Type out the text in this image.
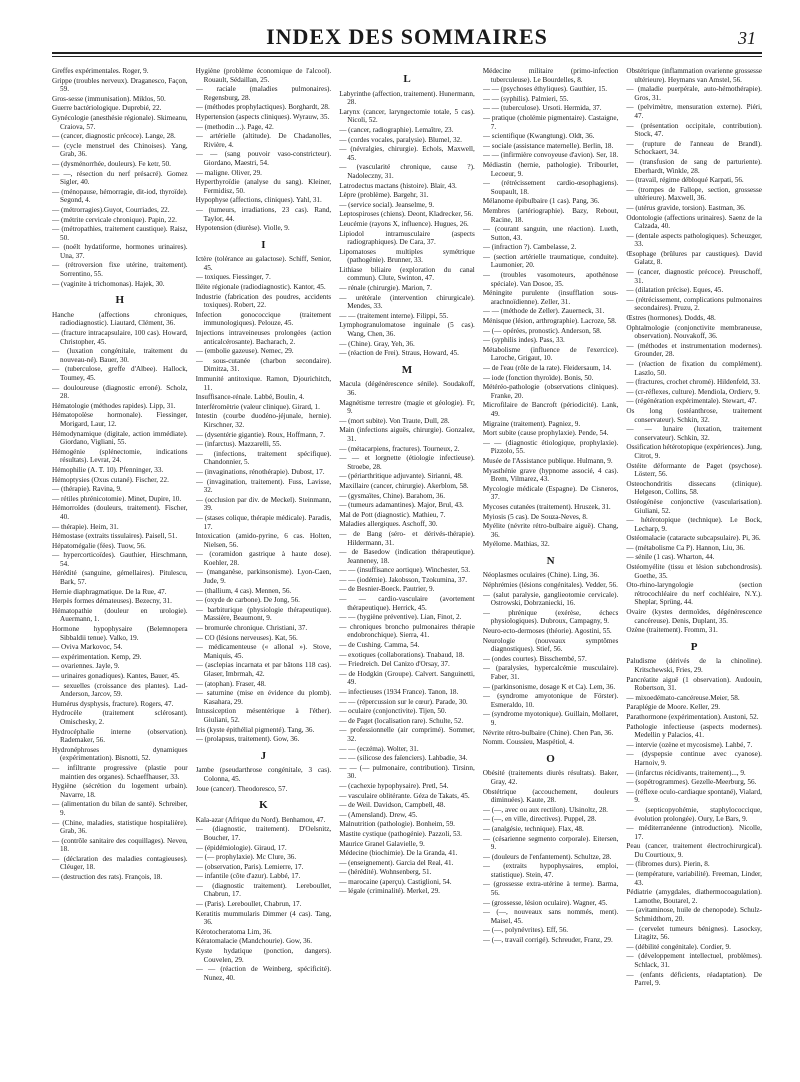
INDEX DES SOMMAIRES	31

Greffes expérimentales. Roger, 9.

Grippe (troubles nerveux). Draganesco, Façon, 59.

Gros-sesse (immunisation). Miklos, 50.

Guerre bactériologique. Duprebié, 22.

Gynécologie (anesthésie régionale). Skimeanu, Craiova, 57.

— (cancer, diagnostic précoce). Lange, 28.

— (cycle menstruel des Chinoises). Yang, Grab, 36.

— (dysménorrhée, douleurs). Fe ketr, 50.

— —, résection du nerf présacré). Gomez Sigler, 40.

— (ménopause, hémorragie, dit-iod, thyroïde). Segond, 4.

— (métrorragies).Guyot, Courriades, 22.

— (métrite cervicale chronique). Papin, 22.

— (métropathies, traitement caustique). Raisz, 50.

— (noélt hydatiforme, hormones urinaires). Una, 37.

— (rétroversion fixe utérine, traitement). Sorrentino, 55.

— (vaginite à trichomonas). Hajek, 30.

H

Hanche (affections chroniques, radiodiagnostic). Liautard, Clément, 36.

— (fracture intracapsulaire, 100 cas). Howard, Christopher, 45.

— (luxation congénitale, traitement du nouveau-né). Bauer, 30.

— (tuberculose, greffe d'Albee). Hallock, Toumey, 45.

— douloureuse (diagnostic erroné). Scholz, 28.

Hématologie (méthodes rapides). Lipp, 31.

Hématopoïèse hormonale). Fiessinger, Morigard, Laur, 12.

Hémodynamique (digitale, action immédiate). Giordano, Vigliani, 55.

Hémogénie (splénectomie, indications résultats). Levrat, 24.

Hémophilie (A. T. 10). Pfenninger, 33.

Hémoptysies (Oxus cutané). Fischer, 22.

— (thérapie). Ravina, 9.

— rétiles phrénicotomie). Minet, Dupire, 10.

Hémorroïdes (douleurs, traitement). Fischer, 40.

— thérapie). Heim, 31.

Hémostase (extraits tissulaires). Paisell, 51.

Hépatomégalie (fées). Tuow, 56.

— hypercorticoïdes). Gauthier, Hirschmann, 54.

Hérédité (sanguine, gémellaires). Pitulescu, Bark, 57.

Hernie diaphragmatique. De la Rue, 47.

Herpès formes démateuses). Bezecny, 31.

Hématopathie (douleur en urologie). Auermann, 1.

Hormone hypophysaire (Belemnopera Sibbaldii tenue). Valko, 19.

— Oviva Markovoc, 54.

— expérimentation. Kemp, 29.

— ovariennes. Jayle, 9.

— urinaires gonadiques). Kantes, Bauer, 45.

— sexuelles (croissance des plantes). Lad-Anderson, Jarcov, 59.

Humérus dysphysis, fracture). Rogers, 47.

Hydrocèle (traitement sclérosant). Omischesky, 2.

Hydrocéphalie interne (observation). Rademaker, 56.

Hydronéphroses dynamiques (expérimentation). Bisnotti, 52.

— infiltrante progressive (plastie pour maintien des organes). Schaeffhauser, 33.

Hygiène (sécrétion du logement urbain). Navarre, 18.

— (alimentation du bilan de santé). Schreiber, 9.

— (Chine, maladies, statistique hospitalière). Grab, 36.

— (contrôle sanitaire des coquillages). Neveu, 18.

— (déclaration des maladies contagieuses). Cléuger, 18.

— (destruction des rats). François, 18.

Hygiène (problème économique de l'alcool). Rouault, Sédaillan, 25.

— raciale (maladies pulmonaires). Regensburg, 28.

— (méthodes prophylactiques). Borghardt, 28.

Hypertension (aspects cliniques). Wyrauw, 35.

— (methodin ...). Page, 42.

— artérielle (altitude). De Chadanolles, Rivière, 4.

— — (sang pouvoir vaso-constricteur). Giordano, Maestri, 54.

— maligne. Oliver, 29.

Hyperthyroïdie (analyse du sang). Kleiner, Fermidisz, 50.

Hypophyse (affections, cliniques). Yahl, 31.

— (tumeurs, irradiations, 23 cas). Rand, Taylor, 44.

Hypotension (diurèse). Violle, 9.

I

Ictère (tolérance au galactose). Schiff, Senior, 45.

— toxiques. Fiessinger, 7.

Iléite régionale (radiodiagnostic). Kantor, 45.

Industrie (fabrication des poudres, accidents toxiques). Robert, 22.

Infection gonococcique (traitement immunologiques). Pelouze, 45.

Injections intraveineuses prolongées (action anticalcérosante). Bacharach, 2.

— (embolie gazeuse). Nemec, 29.

— sous-cutanée (charbon secondaire). Dimitza, 31.

Immunité antitoxique. Ramon, Djourichitch, 11.

Insuffisance-rénale. Labbé, Boulin, 4.

Interféromètrie (valeur clinique). Girard, 1.

Intestin (courbe duodéno-jéjunale, hernie). Kirschner, 32.

— (dysentérie gigantie). Roux, Hoffmann, 7.

— (infarctus). Mazzarelli, 55.

— (infections, traitement spécifique). Chandonnier, 5.

— (invaginations, rénothérapie). Dubost, 17.

— (invagination, traitement). Fuss, Lavisse, 32.

— (occlusion par div. de Meckel). Steinmann, 39.

— (stases colique, thérapie médicale). Paradis, 17.

Intoxication (amido-pyrine, 6 cas. Holten, Nielsen, 56.

— (coramidon gastrique à haute dose). Koehler, 28.

— (manganèse, parkinsonisme). Lyon-Caen, Jude, 9.

— (thallium, 4 cas). Mennen, 56.

— (oxyde de carbone). De Jong, 56.

— barbiturique (physiologie thérapeutique). Massière, Beaumont, 9.

— bromurée chronique. Christiani, 37.

— CO (lésions nerveuses). Kat, 56.

— médicamenteuse (« allonal »). Stove, Maniquis, 45.

— (asclepias incarnata et par bâtons 118 cas). Glaser, Imbrmah, 42.

— (atophan). Fraser, 48.

— saturnine (mise en évidence du plomb). Kasahara, 29.

Intussiception mésentérique à l'éther). Giuliani, 52.

Iris (kyste épithélial pigmenté). Tang, 36.

— (prolapsus, traitement). Gow, 36.

J

Jambe (pseudarthrose congénitale, 3 cas). Colonna, 45.

Joue (cancer). Theodoresco, 57.

K

Kala-azar (Afrique du Nord). Benhamou, 47.

— (diagnostic, traitement). D'Oelsnitz, Boucher, 17.

— (épidémiologie). Giraud, 17.

— (— prophylaxie). Mc Clure, 36.

— (observation, Paris). Lemierre, 17.

— infantile (côte d'azur). Labbé, 17.

— (diagnostic traitement). Lereboullet, Chabrun, 17.

— (Paris). Lereboullet, Chabrun, 17.

Keratitis mummularis Dimmer (4 cas). Tang, 36.

Kérotocheratoma Lim, 36.

Kératomalacie (Mandchourie). Gow, 36.

Kyste hydatique (ponction, dangers). Couvelen, 29.

— — (réaction de Weinberg, spécificité). Nunez, 40.

L

Labyrinthe (affection, traitement). Hunermann, 28.

Larynx (cancer, laryngectomie totale, 5 cas). Nicoli, 52.

— (cancer, radiographie). Lemaître, 23.

— (cordes vocales, paralysie). Blumel, 32.

— (névralgies, chirurgie). Echols, Maxwell, 45.

— (vascularité chronique, cause ?). Nadoleczny, 31.

Latrodectus mactans (histoire). Blair, 43.

Lèpre (problème). Bargehr, 31.

— (service social). Jeanselme, 9.

Leptospiroses (chiens). Deont, Kladrecker, 56.

Leucémie (rayons X, influence). Hugues, 26.

Lipiodol intramusculaire (aspects radiographiques). De Cara, 37.

Lipomatoses multiples symétrique (pathogénie). Brunner, 33.

Lithiase biliaire (exploration du canal commun). Clute, Swinton, 47.

— rénale (chirurgie). Marion, 7.

— urétérale (intervention chirurgicale). Mendes, 33.

— — (traitement interne). Filippi, 55.

Lymphogranulomatose inguinale (5 cas). Wang, Chen, 36.

— (Chine). Gray, Yeh, 36.

— (réaction de Frei). Straus, Howard, 45.

M

Macula (dégénérescence sénile). Soudakoff, 36.

Magnétisme terrestre (magie et géologie). Fr, 9.

— (mort subite). Von Traute, Dull, 28.

Main (infections aiguës, chirurgie). Gonzalez, 31.

— (métacarpiens, fractures). Tourneux, 2.

— — et lorgnette (étiologie infectieuse). Stroebe, 28.

— (périarthritique adjuvante). Sirianni, 48.

Maxillaire (cancer, chirurgie). Akerblom, 58.

— (gysmaïtes, Chine). Barahom, 36.

— (tumeurs adamantines). Major, Brul, 43.

Mal de Pott (diagnostic). Mathieu, 7.

Maladies allergiques. Aschoff, 30.

— de Bang (séro- et dérivés-thérapie). Hildermann, 31.

— de Basedow (indication thérapeutique). Jeanneney, 18.

— — (insuffisance aortique). Winchester, 53.

— — (iodémie). Jakobsson, Tzokumina, 37.

— de Besnier-Boeck. Pautrier, 9.

— — cardio-vasculaire (avortement thérapeutique). Herrick, 45.

— — (hygiène préventive). Lian, Finot, 2.

— chroniques broncho pulmonaires thérapie endobronchique). Sierra, 41.

— de Cushing. Camma, 54.

— exotiques (collaborations). Tnabaud, 18.

— Friedreich. Del Canizo d'Orsay, 37.

— de Hodgkin (Groupe). Calvert. Sanguinetti, 49.

— infectieuses (1934 France). Tanon, 18.

— — (répercussion sur le cœur). Parade, 30.

— oculaire (conjonctivite). Tijen, 50.

— de Paget (localisation rare). Schulte, 52.

— professionnelle (air comprimé). Sommer, 32.

— — (eczéma). Wolter, 31.

— — (silicose des faïenciers). Lahbadie, 34.

— — (— pulmonaire, contribution). Tirsinn, 30.

— (cachexie hypophysaire). Pretl, 54.

— vasculaire oblitérante. Géza de Takats, 45.

— de Weil. Davidson, Campbell, 48.

— (Amensland). Drew, 45.

Malnutrition (pathologie). Bonheim, 59.

Mastite cystique (pathogénie). Pazzoli, 53.

Maurice Granel Galavielle, 9.

Médecine (biochimie). De la Granda, 41.

— (enseignement). Garcia del Real, 41.

— (hérédité). Wohnsenberg, 51.

— marocaine (aperçu). Castiglioni, 54.

— légale (criminalité). Merkel, 29.

Médecine militaire (primo-infection tuberculeuse). Le Bourdelles, 8.

— — (psychoses éthyliques). Gauthier, 15.

— — (syphilis). Palmieri, 55.

— — (tuberculose). Ursoti. Hermida, 37.

— pratique (cholémie pigmentaire). Castaigne, 7.

— scientifique (Kwangtung). Oldt, 36.

— sociale (assistance maternelle). Berlin, 18.

— — (infirmière convoyeuse d'avion). Ser, 18.

Médiastin (hernie, pathologie). Tribourlet, Lecoeur, 9.

— (rétrécissement cardio-œsophagiens). Soupault, 18.

Mélanome épibulbaire (1 cas). Pang, 36.

Membres (artériographie). Bazy, Rebout, Racine, 18.

— (courant sanguin, une réaction). Lueth, Sutton, 43.

— (infraction ?). Cambelasse, 2.

— (section artérielle traumatique, conduite). Laumonier, 20.

— (troubles vasomoteurs, apothénose spéciale). Van Dosoe, 35.

Méningite purulente (insufflation sous-arachnoïdienne). Zeller, 31.

— — (méthode de Zeller). Zauerneck, 31.

Ménisque (lésion, arthrographie). Lacroze, 58.

— (— opérées, pronostic). Anderson, 58.

— (syphilis indes). Pass, 33.

Métabolisme (influence de l'exercice). Laroche, Grigaut, 10.

— de l'eau (rôle de la rate). Fleidersaum, 14.

— iode (fonction thyroïde). Bonis, 50.

Météréo-pathologie (observations cliniques). Franke, 20.

Microfilaire de Bancroft (périodicité). Lank, 49.

Migraine (traitement). Pagniez, 9.

Mort subite (cause prophylaxie). Pende, 54.

— — (diagnostic étiologique, prophylaxie). Pizzolo, 55.

Musée de l'Assistance publique. Hulmann, 9.

Myasthénie grave (hypnome associé, 4 cas). Brem, Vilmarez, 43.

Mycologie médicale (Espagne). De Cisneros, 37.

Mycoses cutanées (traitement). Hruszek, 31.

Myiosis (5 cas). De Souza-Neves, 8.

Myélite (névrite rétro-bulbaire aiguë). Chang, 36.

Myélome. Mathias, 32.

N

Néoplasmes oculaires (Chine). Ling, 36.

Néphrémies (lésions congénitales). Vedder, 56.

— (salut paralysie, ganglieotomie cervicale). Ostrowski, Dobrzaniecki, 16.

— phrénique (exérèse, échecs physiologiques). Dubroux, Campagny, 9.

Neuro-ecto-dermoses (théorie). Agostini, 55.

Neurologie (nouveaux symptômes diagnostiques). Stief, 56.

— (ondes courtes). Bisschembé, 57.

— (paralysies, hypercalcémie musculaire). Faber, 31.

— (parkinsonisme, dosage K et Ca). Lem, 36.

— (syndrome amyotonique de Förster). Esmeraldo, 10.

— (syndrome myotonique). Guillain, Mollaret, 9.

Névrite rétro-bulbaire (Chine). Chen Pan, 36.

Nomm. Coussieu, Maspétiol, 4.

O

Obésité (traitements diurès résultats). Baker, Gray, 42.

Obstétrique (accouchement, douleurs diminuées). Kaute, 28.

— (—, avec ou aux rectilon). Ulsinoltz, 28.

— (—, en ville, directives). Puppel, 28.

— (analgésie, technique). Flax, 48.

— (césarienne segmento corporale). Eitersen, 9.

— (douleurs de l'enfantement). Schultze, 28.

— (extraits hypophysaires, emploi, statistique). Stein, 47.

— (grossesse extra-utérine à terme). Barma, 56.

— (grossesse, lésion oculaire). Wagner, 45.

— (—, nouveaux sans nommés, ment). Maisel, 45.

— (—, polynévrites). Eff, 56.

— (—, travail corrigé). Schreuder, Franz, 29.

Obstétrique (inflammation ovarienne grossesse ultérieure). Heymans van Amstel, 56.

— (maladie puerpérale, auto-hémothérapie). Gros, 31.

— (pelvimètre, mensuration externe). Piéri, 47.

— (présentation occipitale, contribution). Stock, 47.

— (rupture de l'anneau de Brandl). Schockaert, 34.

— (transfusion de sang de parturiente). Eberhardt, Winkle, 28.

— (travail, régime débloqué Karpati, 56.

— (trompes de Fallope, section, grossesse ultérieure). Maxwell, 36.

— (utérus gravide, torsion). Eastman, 36.

Odontologie (affections urinaires). Saenz de la Calzada, 40.

— (dentale aspects pathologiques). Scheuzger, 33.

Œsophage (brûlures par caustiques). David Galatz, 8.

— (cancer, diagnostic précoce). Preuschoff, 31.

— (dilatation précise). Eques, 45.

— (rétrécissement, complications pulmonaires secondaires). Pruzu, 2.

Œstres (hormones). Dodds, 48.

Ophtalmologie (conjonctivite membraneuse, observation). Nouvakoff, 36.

— (méthodes et instrumentation modernes). Grounder, 28.

— (réaction de fixation du complément). Laszlo, 50.

— (fractures, crochet chromé). Hildenfeld, 33.

— (cr-réflexes, culture). Mendiola, Ordierv, 9.

— (régénération expérimentale). Stewart, 47.

Os long (ostéanthrose, traitement conservateur). Schkin, 32.

— — lunaire (luxation, traitement conservateur). Schkin, 32.

Ossification hétérotopique (expériences). Jung, Citrot, 9.

Ostéite déformante de Paget (psychose). Lösterr, 56.

Osteochondritis dissecans (clinique). Helgeson, Collins, 58.

Ostéogénèse conjonctive (vascularisation). Giuliani, 52.

— hétérotopique (technique). Le Bock, Lecharp, 9.

Ostéomalacie (cataracte subcapsulaire). Pi, 36.

— (métabolisme Ca P). Hannon, Liu, 36.

— sénile (1 cas). Wharton, 44.

Ostéomyélite (tissu et lésion subchondrosis). Goethe, 35.

Oto-rhino-laryngologie (section rétrocochléaire du nerf cochléaire, N.Y.). Sheplar, Sprüng, 44.

Ovaire (kystes dermoïdes, dégénérescence cancéreuse). Denis, Duplant, 35.

Ozène (traitement). Fromm, 31.

P

Paludisme (dérivés de la chinoline). Kritschewski, Fries, 29.

Pancréatite aiguë (1 observation). Audouin, Robertson, 31.

— mixoedémato-cancéreuse.Meier, 58.

Paraplégie de Moore. Keller, 29.

Parathormone (expérimentation). Austoni, 52.

Pathologie infectieuse (aspects modernes). Medellin y Palacios, 41.

— intervie (ozène et mycosisme). Lahbé, 7.

— (dyspepsie continue avec cyanose). Harnoiv, 9.

— (infarctus récidivants, traitement)..., 9.

— (sopétrogrammes). Gezelle-Meerburg, 56.

— (réflexe oculo-cardiaque spontané), Vialard, 9.

— (septicopyohémie, staphylococcique, évolution prolongée). Oury, Le Bars, 9.

— méditerranéenne (introduction). Nicolle, 17.

Peau (cancer, traitement électrochirurgical). Du Courtioux, 9.

— (fibromes durs). Pierin, 8.

— (température, variabilité). Freeman, Linder, 43.

Pédiatrie (amygdales, diathermocoagulation). Lamothe, Boutarel, 2.

— (avitaminose, huile de chenopode). Schulz-Schmidthorn, 20.

— (cervelet tumeurs bénignes). Lasocksy, Litagitz, 56.

— (débilité congénitale). Cordier, 9.

— (développement intellectuel, problèmes). Schlack, 31.

— (enfants déficients, réadaptation). De Parrel, 9.
